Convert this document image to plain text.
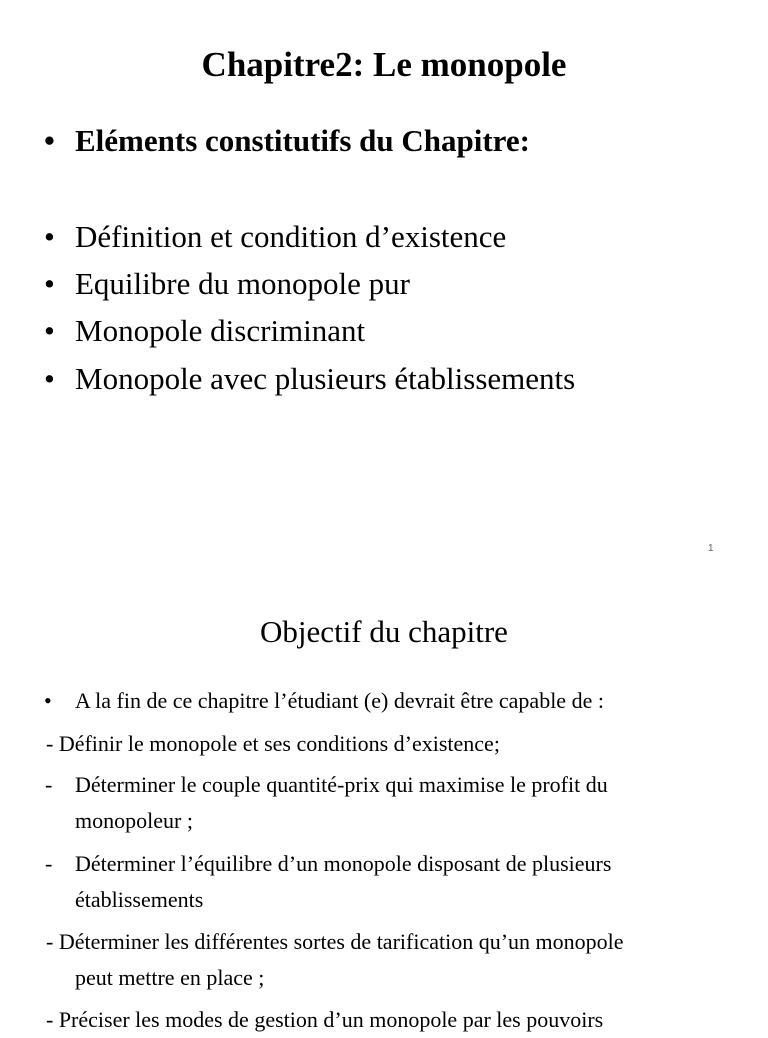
Chapitre2: Le monopole
• Eléments constitutifs du Chapitre:
• Définition et condition d’existence
• Equilibre du monopole pur
• Monopole discriminant
• Monopole avec plusieurs établissements
1
Objectif du chapitre
• A la fin de ce chapitre l’étudiant (e) devrait être capable de :
- Définir le monopole et ses conditions d’existence;
- Déterminer le couple quantité-prix qui maximise le profit du
monopoleur ;
- Déterminer l’équilibre d’un monopole disposant de plusieurs
établissements
- Déterminer les différentes sortes de tarification qu’un monopole
peut mettre en place ;
- Préciser les modes de gestion d’un monopole par les pouvoirs
